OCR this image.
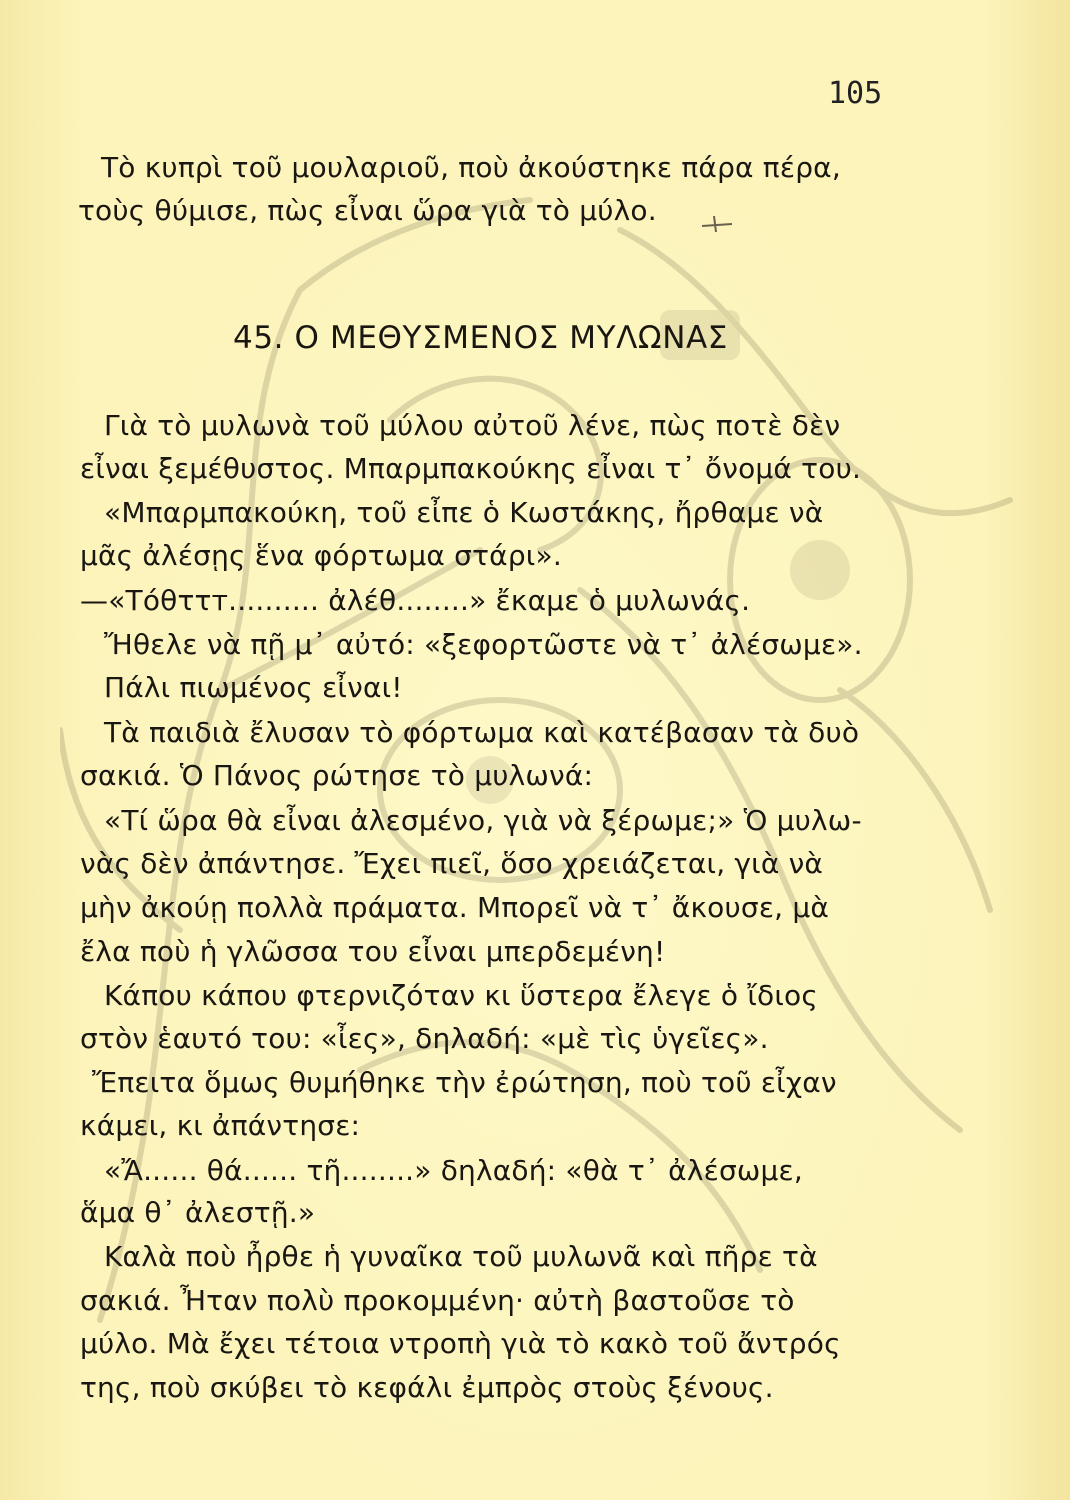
105
Τὸ κυπρὶ τοῦ μουλαριοῦ, ποὺ ἀκούστηκε πάρα πέρα,
τοὺς θύμισε, πὼς εἶναι ὥρα γιὰ τὸ μύλο.
45. Ο ΜΕΘΥΣΜΕΝΟΣ ΜΥΛΩΝΑΣ
Γιὰ τὸ μυλωνὰ τοῦ μύλου αὐτοῦ λένε, πὼς ποτὲ δὲν
εἶναι ξεμέθυστος. Μπαρμπακούκης εἶναι τ᾿ ὄνομά του.
«Μπαρμπακούκη, τοῦ εἶπε ὁ Κωστάκης, ἤρθαμε νὰ
μᾶς ἀλέσῃς ἕνα φόρτωμα στάρι».
—«Τόθττт.......... ἀλέθ........» ἔκαμε ὁ μυλωνάς.
Ἤθελε νὰ πῇ μ᾿ αὐτό: «ξεφορτῶστε νὰ τ᾿ ἀλέσωμε».
Πάλι πιωμένος εἶναι!
Τὰ παιδιὰ ἔλυσαν τὸ φόρτωμα καὶ κατέβασαν τὰ δυὸ
σακιά. Ὁ Πάνος ρώτησε τὸ μυλωνά:
«Τί ὥρα θὰ εἶναι ἀλεσμένο, γιὰ νὰ ξέρωμε;» Ὁ μυλω-
νὰς δὲν ἀπάντησε. Ἔχει πιεῖ, ὅσο χρειάζεται, γιὰ νὰ
μὴν ἀκούῃ πολλὰ πράματα. Μπορεῖ νὰ τ᾿ ἄκουσε, μὰ
ἔλα ποὺ ἡ γλῶσσα του εἶναι μπερδεμένη!
Κάπου κάπου φτερνιζόταν κι ὕστερα ἔλεγε ὁ ἴδιος
στὸν ἑαυτό του: «ἶες», δηλαδή: «μὲ τὶς ὑγεῖες».
Ἔπειτα ὅμως θυμήθηκε τὴν ἐρώτηση, ποὺ τοῦ εἶχαν
κάμει, κι ἀπάντησε:
«Ἄ...... θά...... τῆ........» δηλαδή: «θὰ τ᾿ ἀλέσωμε,
ἅμα θ᾿ ἀλεστῇ.»
Καλὰ ποὺ ἦρθε ἡ γυναῖκα τοῦ μυλωνᾶ καὶ πῆρε τὰ
σακιά. Ἦταν πολὺ προκομμένη· αὐτὴ βαστοῦσε τὸ
μύλο. Μὰ ἔχει τέτοια ντροπὴ γιὰ τὸ κακὸ τοῦ ἄντρός
της, ποὺ σκύβει τὸ κεφάλι ἐμπρὸς στοὺς ξένους.
